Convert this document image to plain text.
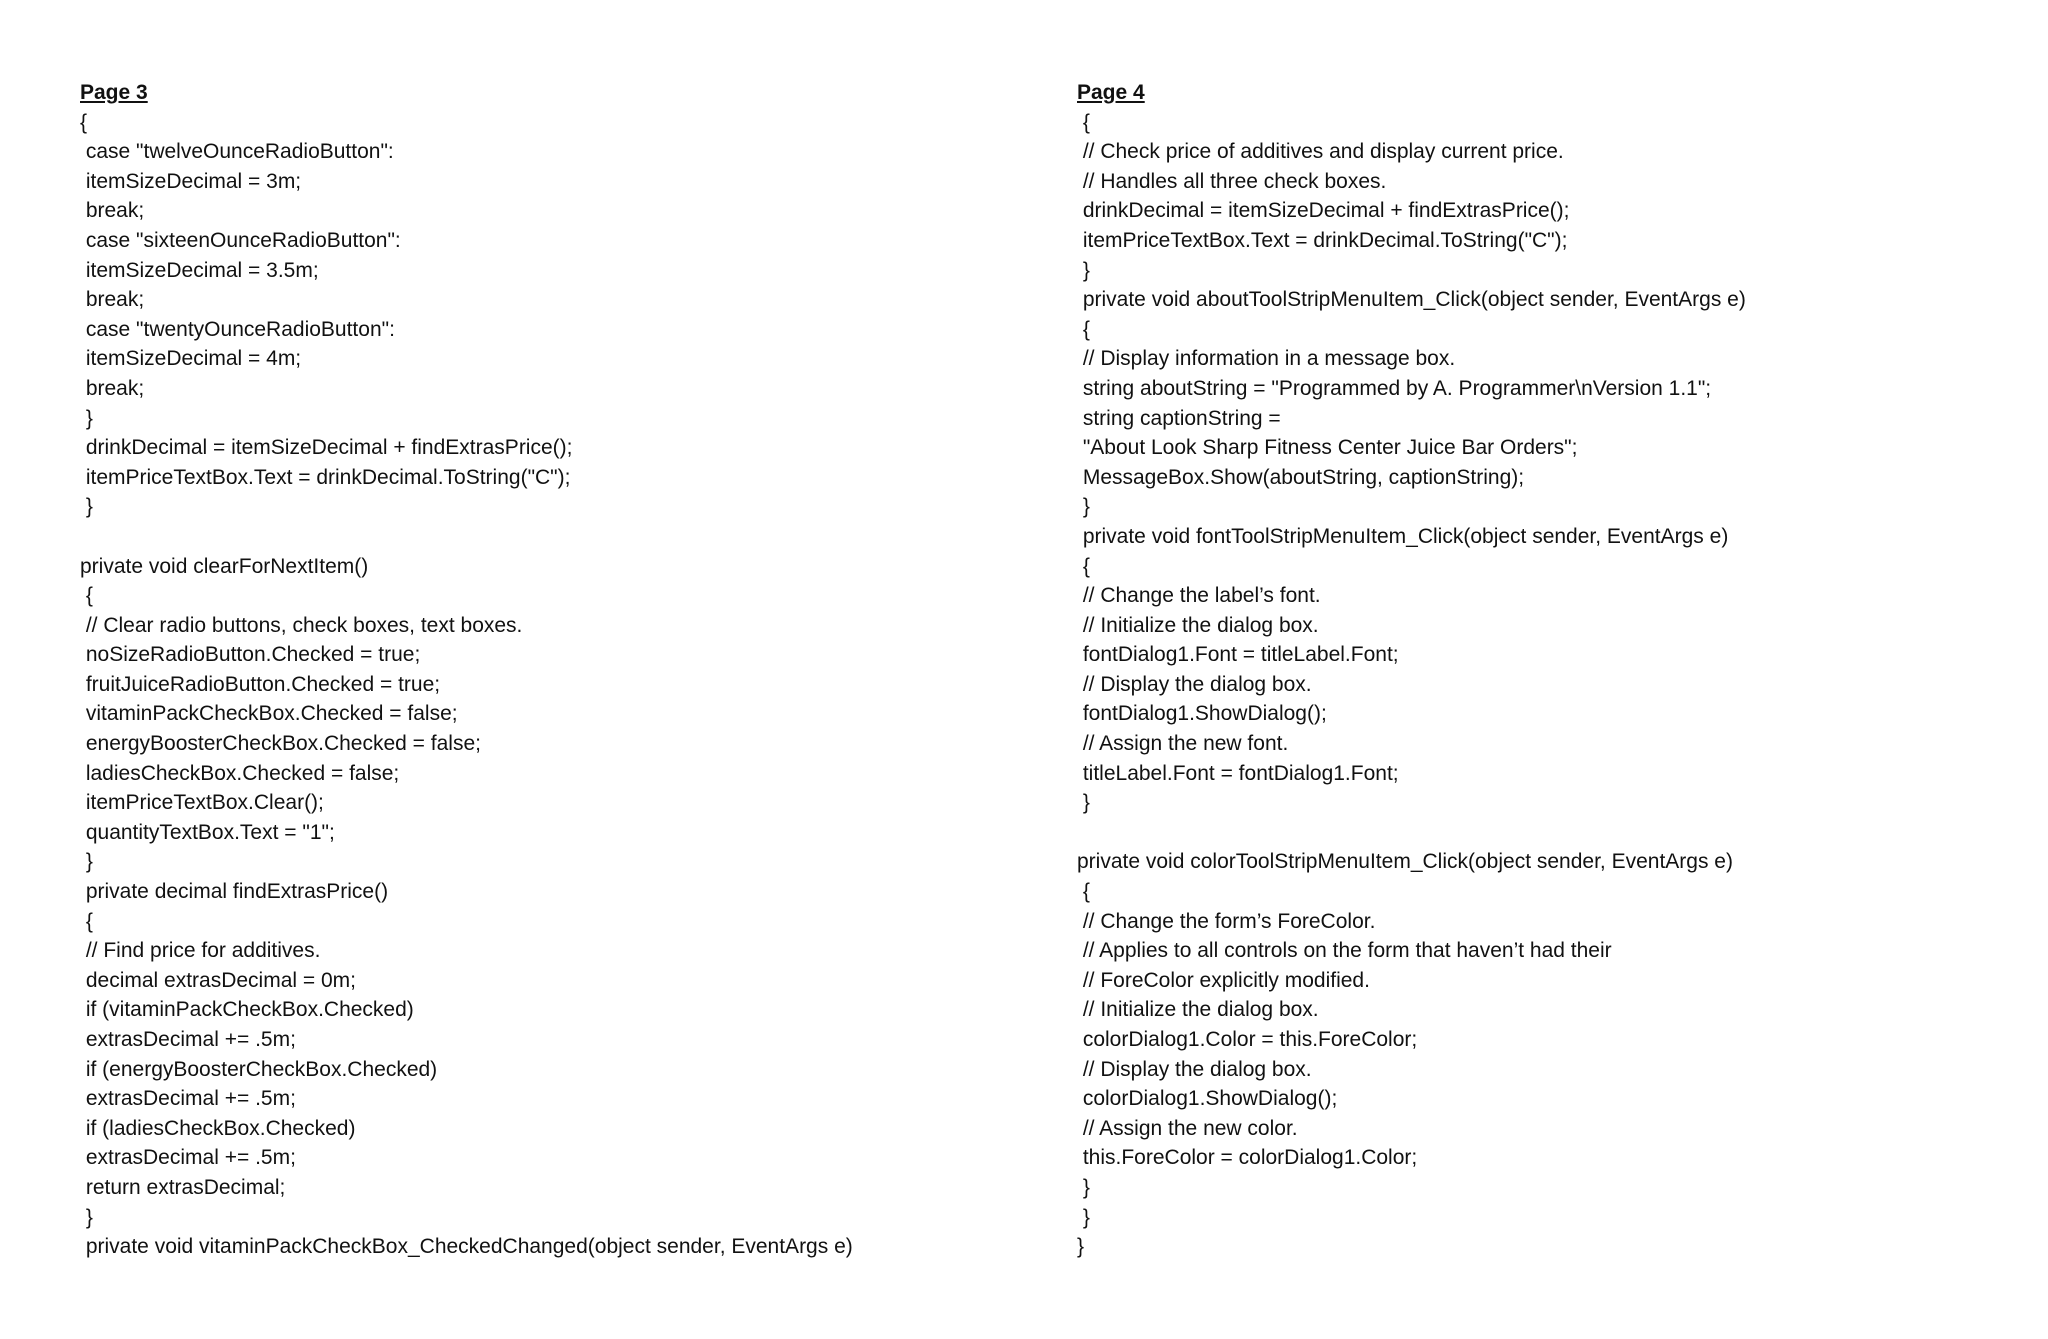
Page 3
{
case "twelveOunceRadioButton":
itemSizeDecimal = 3m;
break;
case "sixteenOunceRadioButton":
itemSizeDecimal = 3.5m;
break;
case "twentyOunceRadioButton":
itemSizeDecimal = 4m;
break;
}
drinkDecimal = itemSizeDecimal + findExtrasPrice();
itemPriceTextBox.Text = drinkDecimal.ToString("C");
}
private void clearForNextItem()
{
// Clear radio buttons, check boxes, text boxes.
noSizeRadioButton.Checked = true;
fruitJuiceRadioButton.Checked = true;
vitaminPackCheckBox.Checked = false;
energyBoosterCheckBox.Checked = false;
ladiesCheckBox.Checked = false;
itemPriceTextBox.Clear();
quantityTextBox.Text = "1";
}
private decimal findExtrasPrice()
{
// Find price for additives.
decimal extrasDecimal = 0m;
if (vitaminPackCheckBox.Checked)
extrasDecimal += .5m;
if (energyBoosterCheckBox.Checked)
extrasDecimal += .5m;
if (ladiesCheckBox.Checked)
extrasDecimal += .5m;
return extrasDecimal;
}
private void vitaminPackCheckBox_CheckedChanged(object sender, EventArgs e)
Page 4
{
// Check price of additives and display current price.
// Handles all three check boxes.
drinkDecimal = itemSizeDecimal + findExtrasPrice();
itemPriceTextBox.Text = drinkDecimal.ToString("C");
}
private void aboutToolStripMenuItem_Click(object sender, EventArgs e)
{
// Display information in a message box.
string aboutString = "Programmed by A. Programmer\nVersion 1.1";
string captionString =
"About Look Sharp Fitness Center Juice Bar Orders";
MessageBox.Show(aboutString, captionString);
}
private void fontToolStripMenuItem_Click(object sender, EventArgs e)
{
// Change the label’s font.
// Initialize the dialog box.
fontDialog1.Font = titleLabel.Font;
// Display the dialog box.
fontDialog1.ShowDialog();
// Assign the new font.
titleLabel.Font = fontDialog1.Font;
}
private void colorToolStripMenuItem_Click(object sender, EventArgs e)
{
// Change the form’s ForeColor.
// Applies to all controls on the form that haven’t had their
// ForeColor explicitly modified.
// Initialize the dialog box.
colorDialog1.Color = this.ForeColor;
// Display the dialog box.
colorDialog1.ShowDialog();
// Assign the new color.
this.ForeColor = colorDialog1.Color;
}
}
}
